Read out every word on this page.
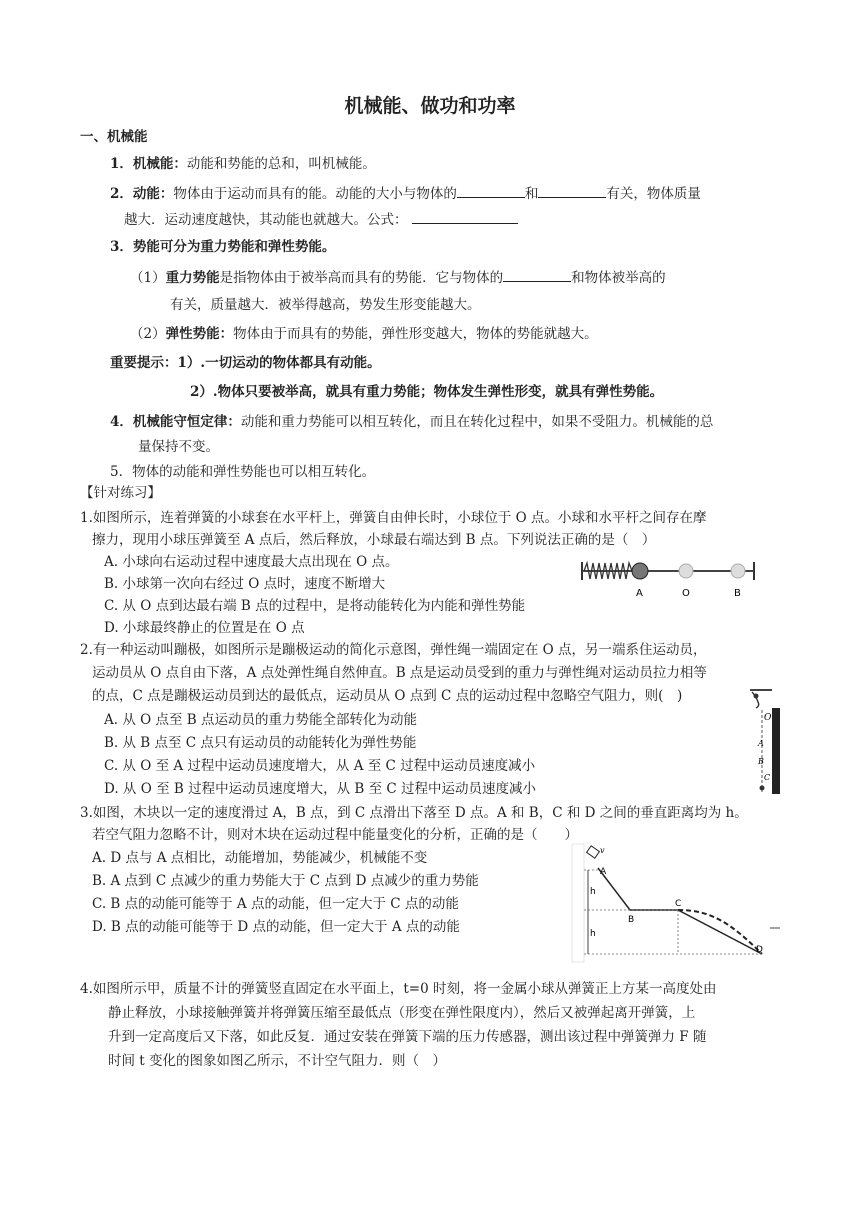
机械能、做功和功率
一、机械能
1．机械能：动能和势能的总和，叫机械能。
2．动能：物体由于运动而具有的能。动能的大小与物体的	和	有关，物体质量
越大．运动速度越快，其动能也就越大。公式：
3．势能可分为重力势能和弹性势能。
（1）重力势能是指物体由于被举高而具有的势能．它与物体的	和物体被举高的
有关，质量越大．被举得越高，势发生形变能越大。
（2）弹性势能：物体由于而具有的势能，弹性形变越大，物体的势能就越大。
重要提示：1）.一切运动的物体都具有动能。
2）.物体只要被举高，就具有重力势能；物体发生弹性形变，就具有弹性势能。
4．机械能守恒定律：动能和重力势能可以相互转化，而且在转化过程中，如果不受阻力。机械能的总
量保持不变。
5．物体的动能和弹性势能也可以相互转化。
【针对练习】
1.如图所示，连着弹簧的小球套在水平杆上，弹簧自由伸长时，小球位于 O 点。小球和水平杆之间存在摩
擦力，现用小球压弹簧至 A 点后，然后释放，小球最右端达到 B 点。下列说法正确的是（　）
A. 小球向右运动过程中速度最大点出现在 O 点。
B. 小球第一次向右经过 O 点时，速度不断增大
C. 从 O 点到达最右端 B 点的过程中，是将动能转化为内能和弹性势能
D. 小球最终静止的位置是在 O 点
A	O	B
2.有一种运动叫蹦极，如图所示是蹦极运动的简化示意图，弹性绳一端固定在 O 点，另一端系住运动员，
运动员从 O 点自由下落，A 点处弹性绳自然伸直。B 点是运动员受到的重力与弹性绳对运动员拉力相等
的点，C 点是蹦极运动员到达的最低点，运动员从 O 点到 C 点的运动过程中忽略空气阻力，则(　)
A. 从 O 点至 B 点运动员的重力势能全部转化为动能
B. 从 B 点至 C 点只有运动员的动能转化为弹性势能
C. 从 O 至 A 过程中运动员速度增大，从 A 至 C 过程中运动员速度减小
D. 从 O 至 B 过程中运动员速度增大，从 B 至 C 过程中运动员速度减小
O
A
B
C
3.如图，木块以一定的速度滑过 A，B 点，到 C 点滑出下落至 D 点。A 和 B，C 和 D 之间的垂直距离均为 h。
若空气阻力忽略不计，则对木块在运动过程中能量变化的分析，正确的是（　　）
A. D 点与 A 点相比，动能增加，势能减少，机械能不变
B. A 点到 C 点减少的重力势能大于 C 点到 D 点减少的重力势能
C. B 点的动能可能等于 A 点的动能，但一定大于 C 点的动能
D. B 点的动能可能等于 D 点的动能，但一定大于 A 点的动能
v
A
h
B
C
h
D
4.如图所示甲，质量不计的弹簧竖直固定在水平面上，t=0 时刻，将一金属小球从弹簧正上方某一高度处由
静止释放，小球接触弹簧并将弹簧压缩至最低点（形变在弹性限度内），然后又被弹起离开弹簧，上
升到一定高度后又下落，如此反复．通过安装在弹簧下端的压力传感器，测出该过程中弹簧弹力 F 随
时间 t 变化的图象如图乙所示，不计空气阻力．则（　）
